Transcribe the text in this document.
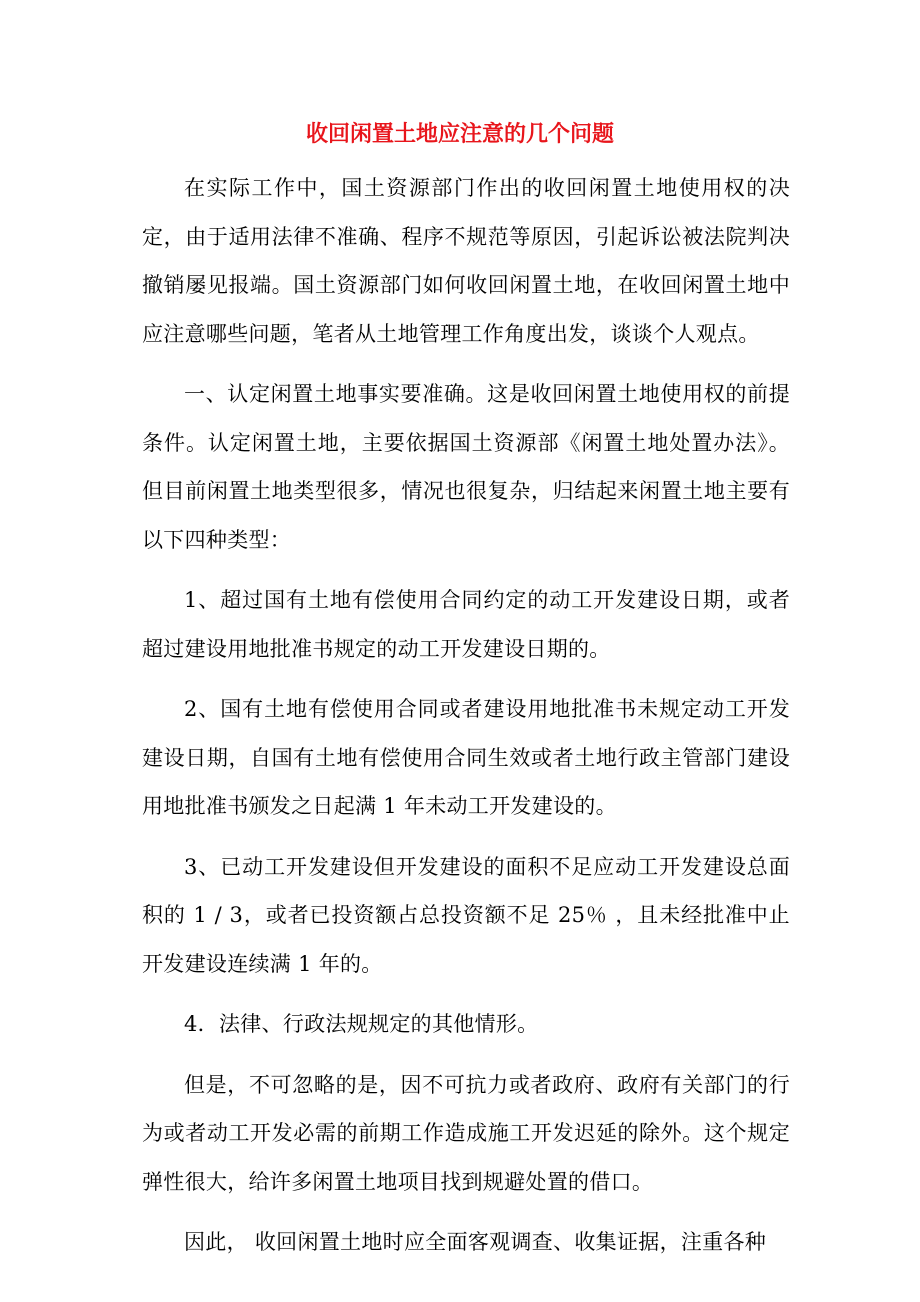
收回闲置土地应注意的几个问题

在实际工作中，国土资源部门作出的收回闲置土地使用权的决定，由于适用法律不准确、程序不规范等原因，引起诉讼被法院判决撤销屡见报端。国土资源部门如何收回闲置土地，在收回闲置土地中应注意哪些问题，笔者从土地管理工作角度出发，谈谈个人观点。

一、认定闲置土地事实要准确。这是收回闲置土地使用权的前提条件。认定闲置土地，主要依据国土资源部《闲置土地处置办法》。但目前闲置土地类型很多，情况也很复杂，归结起来闲置土地主要有以下四种类型：

1、超过国有土地有偿使用合同约定的动工开发建设日期，或者超过建设用地批准书规定的动工开发建设日期的。

2、国有土地有偿使用合同或者建设用地批准书未规定动工开发建设日期，自国有土地有偿使用合同生效或者土地行政主管部门建设用地批准书颁发之日起满 1 年未动工开发建设的。

3、已动工开发建设但开发建设的面积不足应动工开发建设总面积的 1 / 3，或者已投资额占总投资额不足 25％ ，且未经批准中止开发建设连续满 1 年的。

4．法律、行政法规规定的其他情形。

但是，不可忽略的是，因不可抗力或者政府、政府有关部门的行为或者动工开发必需的前期工作造成施工开发迟延的除外。这个规定弹性很大，给许多闲置土地项目找到规避处置的借口。

因此， 收回闲置土地时应全面客观调查、收集证据，注重各种
